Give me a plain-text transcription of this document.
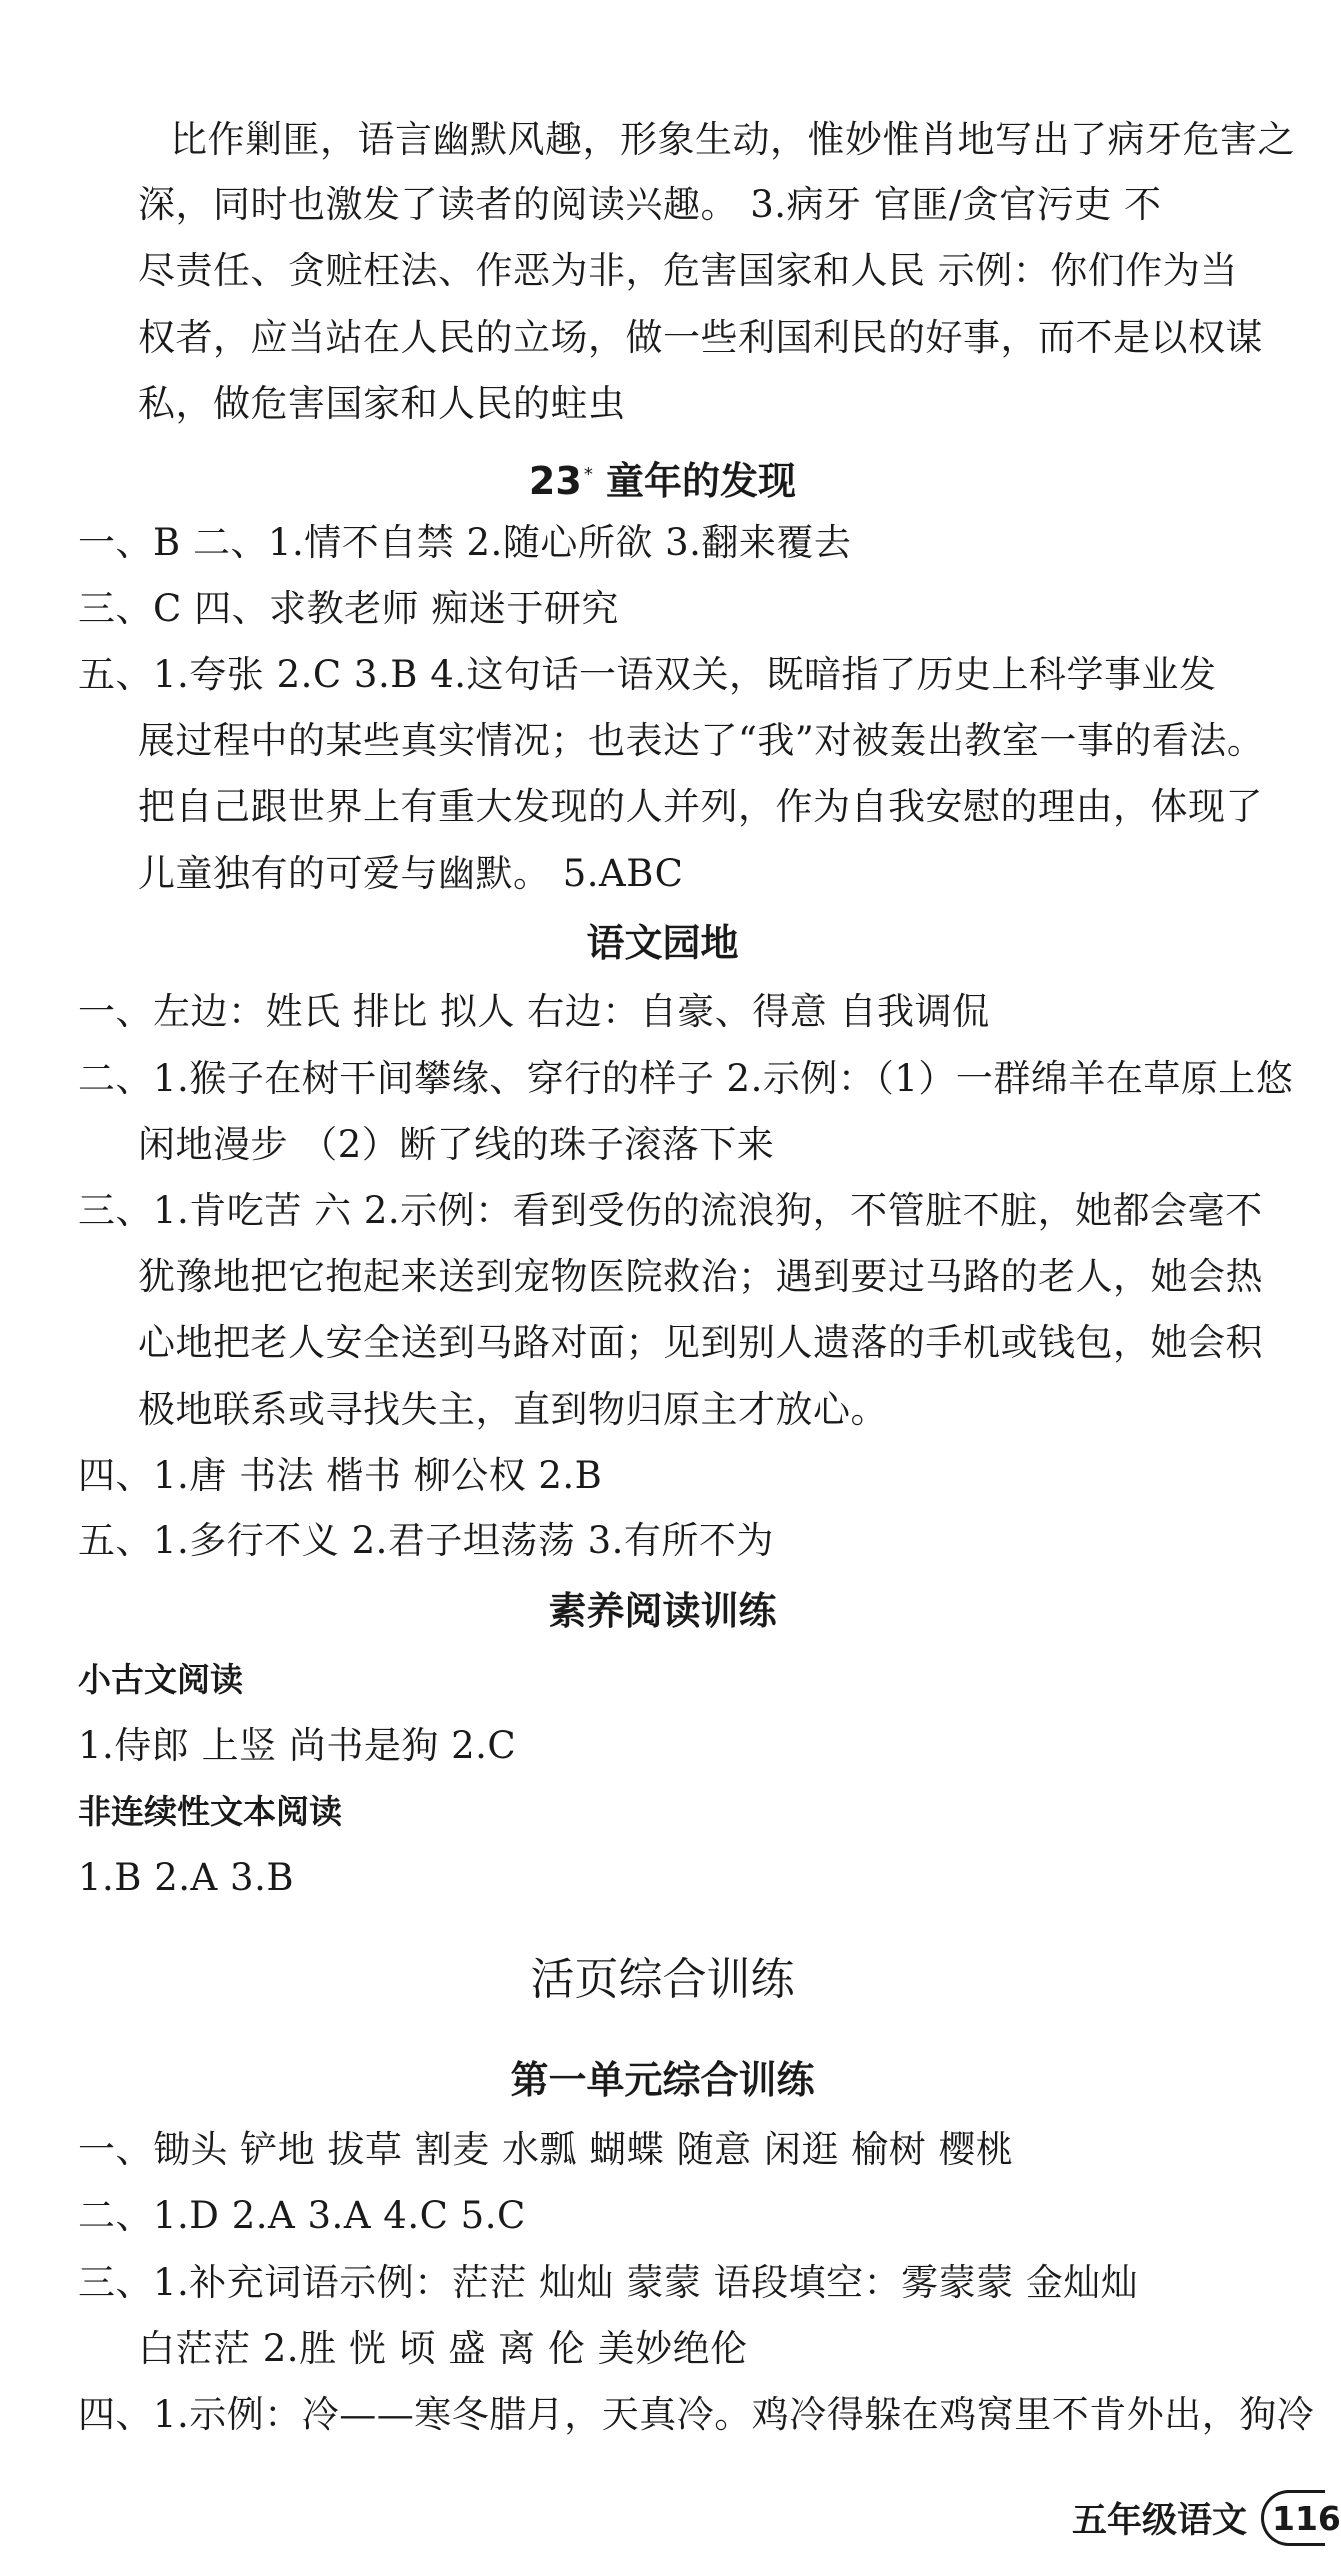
比作剿匪，语言幽默风趣，形象生动，惟妙惟肖地写出了病牙危害之
深，同时也激发了读者的阅读兴趣。 3.病牙 官匪/贪官污吏 不
尽责任、贪赃枉法、作恶为非，危害国家和人民 示例：你们作为当
权者，应当站在人民的立场，做一些利国利民的好事，而不是以权谋
私，做危害国家和人民的蛀虫
23 * 童年的发现
一、B 二、1.情不自禁 2.随心所欲 3.翻来覆去
三、C 四、求教老师 痴迷于研究
五、1.夸张 2.C 3.B 4.这句话一语双关，既暗指了历史上科学事业发
展过程中的某些真实情况；也表达了“我”对被轰出教室一事的看法。
把自己跟世界上有重大发现的人并列，作为自我安慰的理由，体现了
儿童独有的可爱与幽默。 5.ABC
语文园地
一、左边：姓氏 排比 拟人 右边：自豪、得意 自我调侃
二、1.猴子在树干间攀缘、穿行的样子 2.示例：（1）一群绵羊在草原上悠
闲地漫步 （2）断了线的珠子滚落下来
三、1.肯吃苦 六 2.示例：看到受伤的流浪狗，不管脏不脏，她都会毫不
犹豫地把它抱起来送到宠物医院救治；遇到要过马路的老人，她会热
心地把老人安全送到马路对面；见到别人遗落的手机或钱包，她会积
极地联系或寻找失主，直到物归原主才放心。
四、1.唐 书法 楷书 柳公权 2.B
五、1.多行不义 2.君子坦荡荡 3.有所不为
素养阅读训练
小古文阅读
1.侍郎 上竖 尚书是狗 2.C
非连续性文本阅读
1.B 2.A 3.B
活页综合训练
第一单元综合训练
一、锄头 铲地 拔草 割麦 水瓢 蝴蝶 随意 闲逛 榆树 樱桃
二、1.D 2.A 3.A 4.C 5.C
三、1.补充词语示例：茫茫 灿灿 蒙蒙 语段填空：雾蒙蒙 金灿灿
白茫茫 2.胜 恍 顷 盛 离 伦 美妙绝伦
四、1.示例：冷——寒冬腊月，天真冷。鸡冷得躲在鸡窝里不肯外出，狗冷
五年级语文 116
